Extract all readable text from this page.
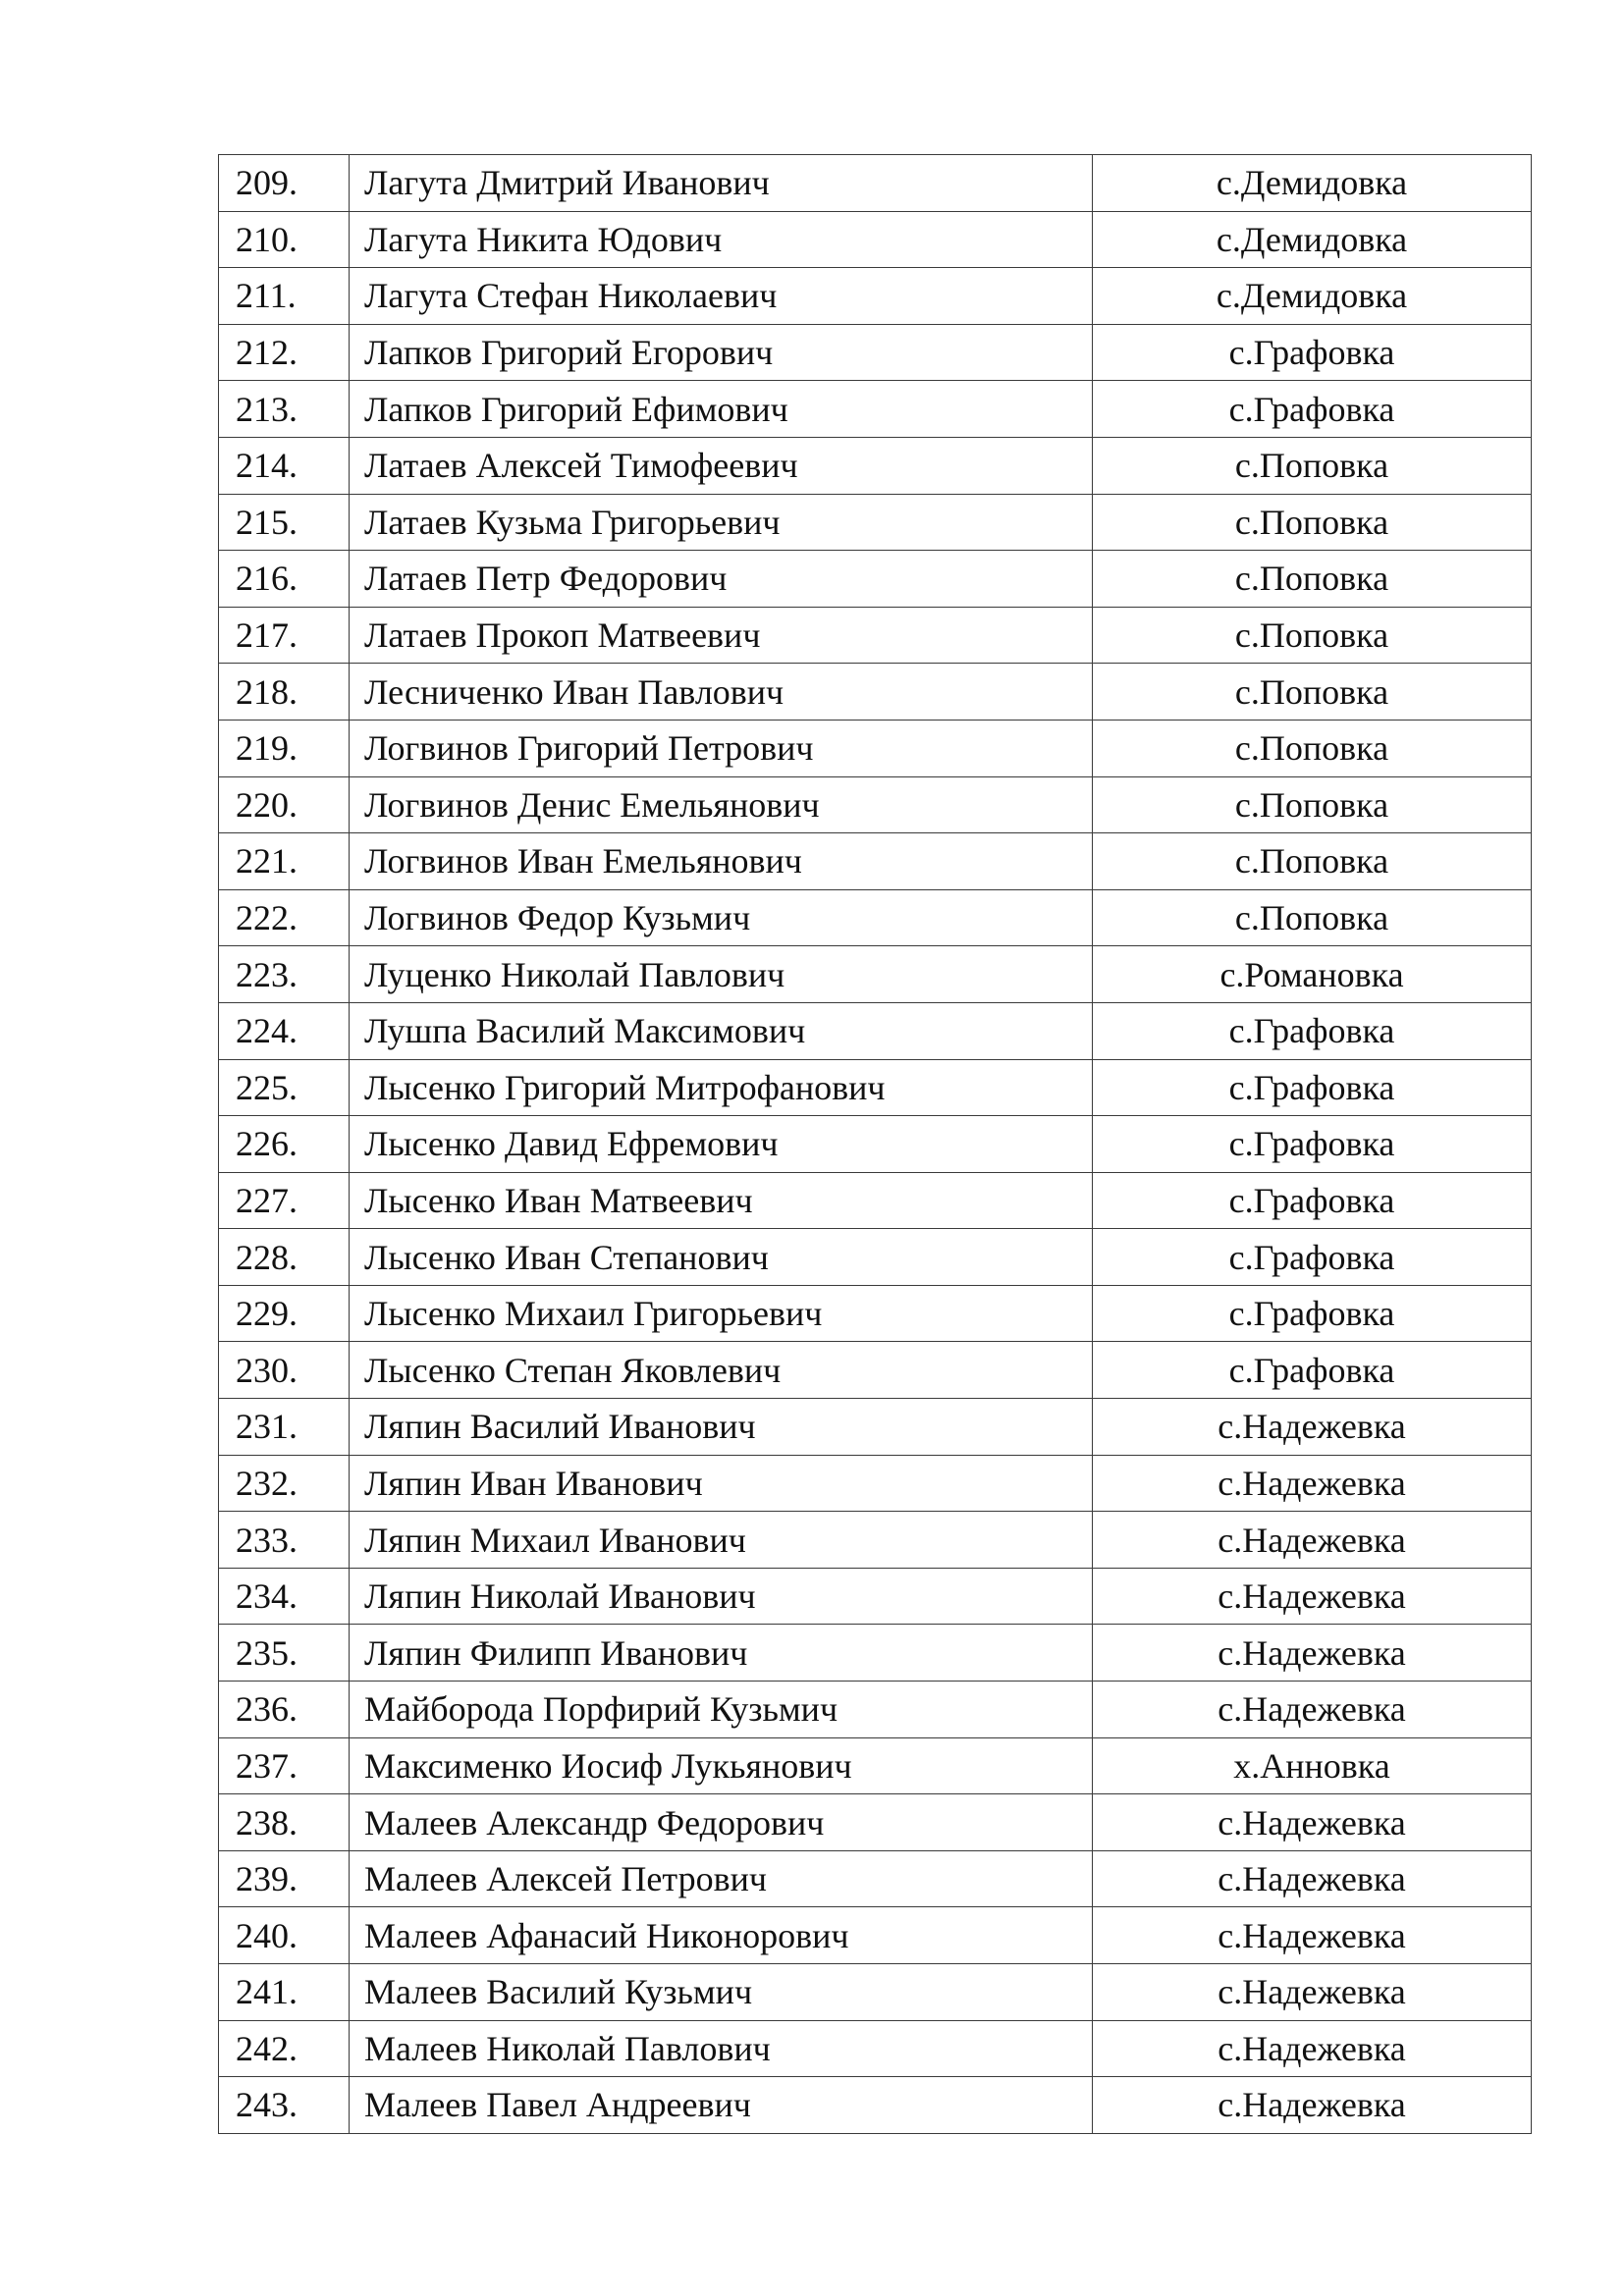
209.	Лагута Дмитрий Иванович	с.Демидовка
210.	Лагута Никита Юдович	с.Демидовка
211.	Лагута Стефан Николаевич	с.Демидовка
212.	Лапков Григорий Егорович	с.Графовка
213.	Лапков Григорий Ефимович	с.Графовка
214.	Латаев Алексей Тимофеевич	с.Поповка
215.	Латаев Кузьма Григорьевич	с.Поповка
216.	Латаев Петр Федорович	с.Поповка
217.	Латаев Прокоп Матвеевич	с.Поповка
218.	Лесниченко Иван Павлович	с.Поповка
219.	Логвинов Григорий Петрович	с.Поповка
220.	Логвинов Денис Емельянович	с.Поповка
221.	Логвинов Иван Емельянович	с.Поповка
222.	Логвинов Федор Кузьмич	с.Поповка
223.	Луценко Николай Павлович	с.Романовка
224.	Лушпа Василий Максимович	с.Графовка
225.	Лысенко Григорий Митрофанович	с.Графовка
226.	Лысенко Давид Ефремович	с.Графовка
227.	Лысенко Иван Матвеевич	с.Графовка
228.	Лысенко Иван Степанович	с.Графовка
229.	Лысенко Михаил Григорьевич	с.Графовка
230.	Лысенко Степан Яковлевич	с.Графовка
231.	Ляпин Василий Иванович	с.Надежевка
232.	Ляпин Иван Иванович	с.Надежевка
233.	Ляпин Михаил Иванович	с.Надежевка
234.	Ляпин Николай Иванович	с.Надежевка
235.	Ляпин Филипп Иванович	с.Надежевка
236.	Майборода Порфирий Кузьмич	с.Надежевка
237.	Максименко Иосиф Лукьянович	х.Анновка
238.	Малеев Александр Федорович	с.Надежевка
239.	Малеев Алексей Петрович	с.Надежевка
240.	Малеев Афанасий Никонорович	с.Надежевка
241.	Малеев Василий Кузьмич	с.Надежевка
242.	Малеев Николай Павлович	с.Надежевка
243.	Малеев Павел Андреевич	с.Надежевка
